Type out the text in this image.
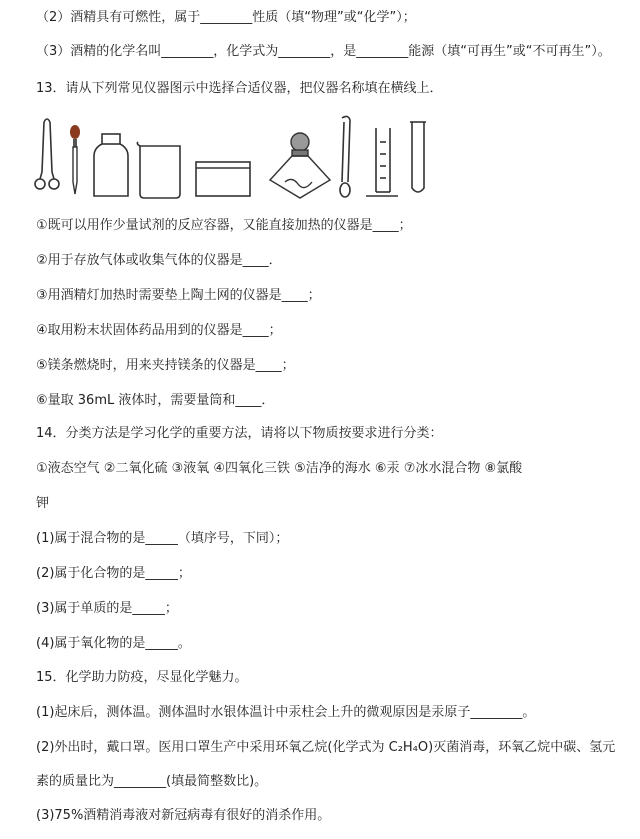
（2）酒精具有可燃性，属于________性质（填“物理”或“化学”）；
（3）酒精的化学名叫________，化学式为________，是________能源（填“可再生”或“不可再生”）。
13．请从下列常见仪器图示中选择合适仪器，把仪器名称填在横线上．
①既可以用作少量试剂的反应容器，又能直接加热的仪器是____；
②用于存放气体或收集气体的仪器是____．
③用酒精灯加热时需要垫上陶土网的仪器是____；
④取用粉末状固体药品用到的仪器是____；
⑤镁条燃烧时，用来夹持镁条的仪器是____；
⑥量取 36mL 液体时，需要量筒和____．
14．分类方法是学习化学的重要方法，请将以下物质按要求进行分类：
①液态空气 ②二氧化硫 ③液氧 ④四氧化三铁 ⑤洁净的海水 ⑥汞 ⑦冰水混合物 ⑧氯酸
钾
(1)属于混合物的是_____（填序号，下同）；
(2)属于化合物的是_____；
(3)属于单质的是_____；
(4)属于氧化物的是_____。
15．化学助力防疫，尽显化学魅力。
(1)起床后，测体温。测体温时水银体温计中汞柱会上升的微观原因是汞原子________。
(2)外出时，戴口罩。医用口罩生产中采用环氧乙烷(化学式为 C₂H₄O)灭菌消毒，环氧乙烷中碳、氢元
素的质量比为________(填最简整数比)。
(3)75%酒精消毒液对新冠病毒有很好的消杀作用。
